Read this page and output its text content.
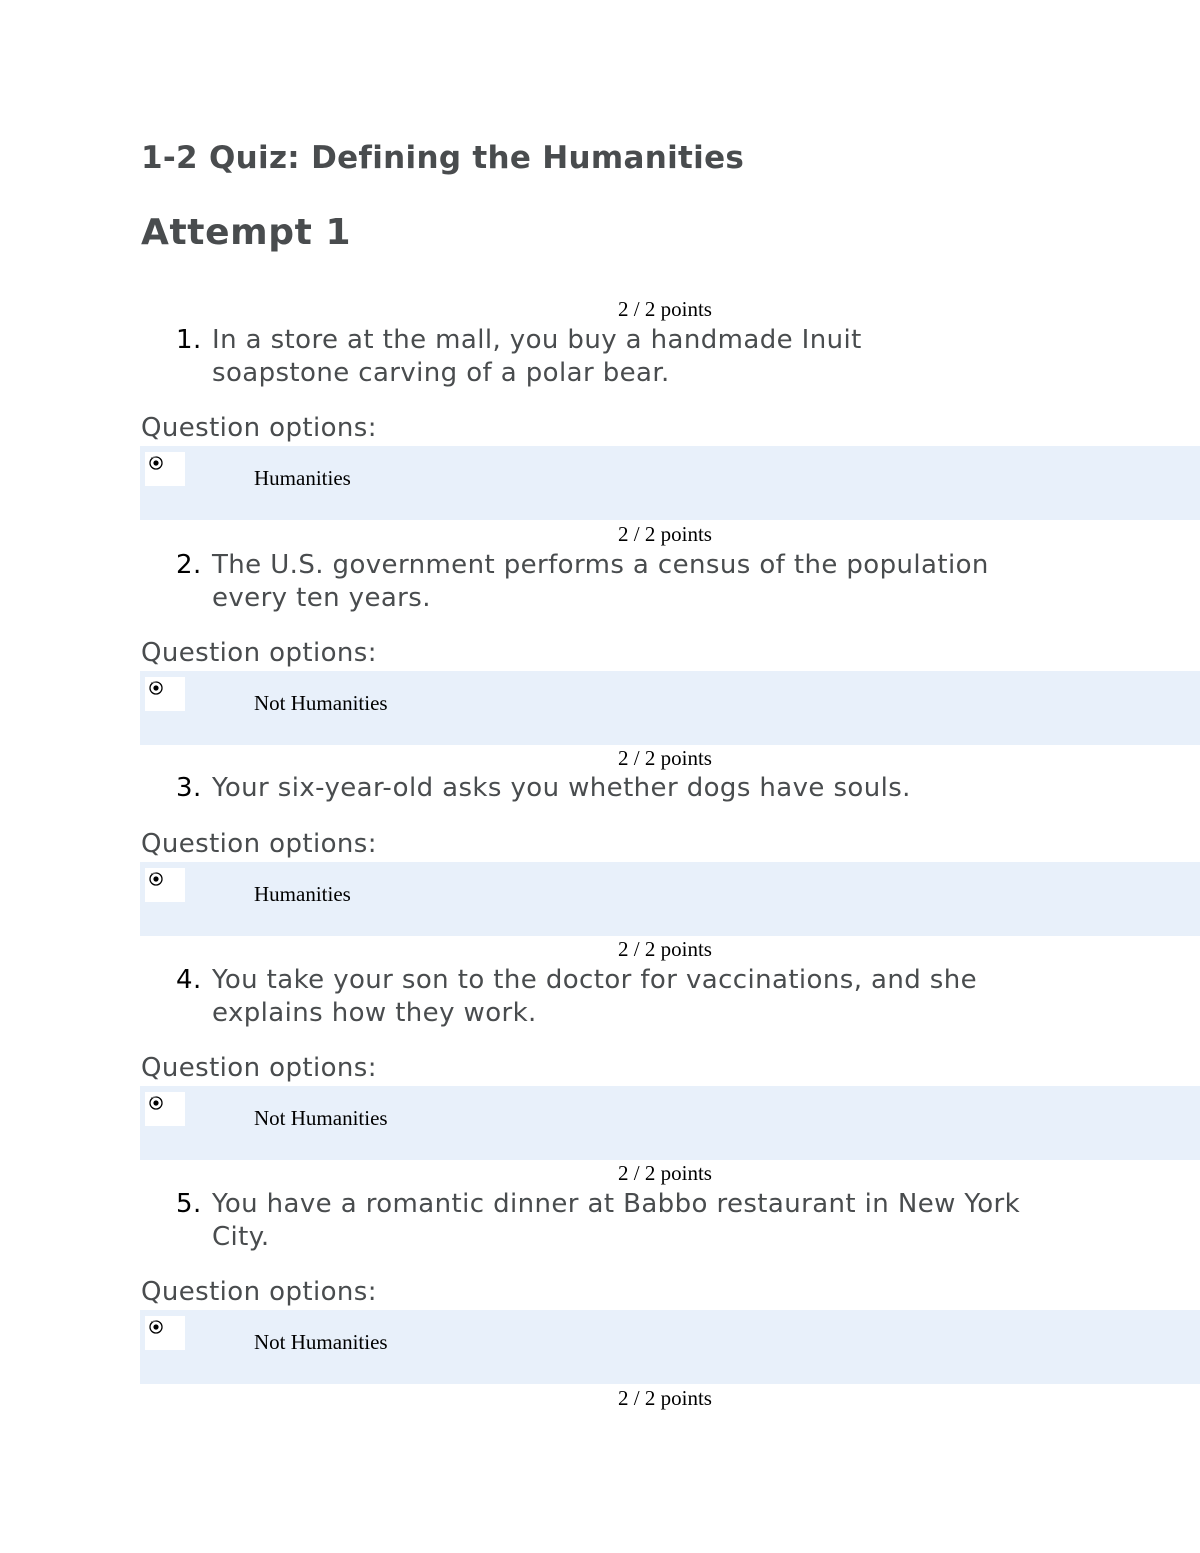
1-2 Quiz: Defining the Humanities
Attempt 1
2 / 2 points
1. In a store at the mall, you buy a handmade Inuit soapstone carving of a polar bear.
Question options:
Humanities
2 / 2 points
2. The U.S. government performs a census of the population every ten years.
Question options:
Not Humanities
2 / 2 points
3. Your six-year-old asks you whether dogs have souls.
Question options:
Humanities
2 / 2 points
4. You take your son to the doctor for vaccinations, and she explains how they work.
Question options:
Not Humanities
2 / 2 points
5. You have a romantic dinner at Babbo restaurant in New York City.
Question options:
Not Humanities
2 / 2 points
